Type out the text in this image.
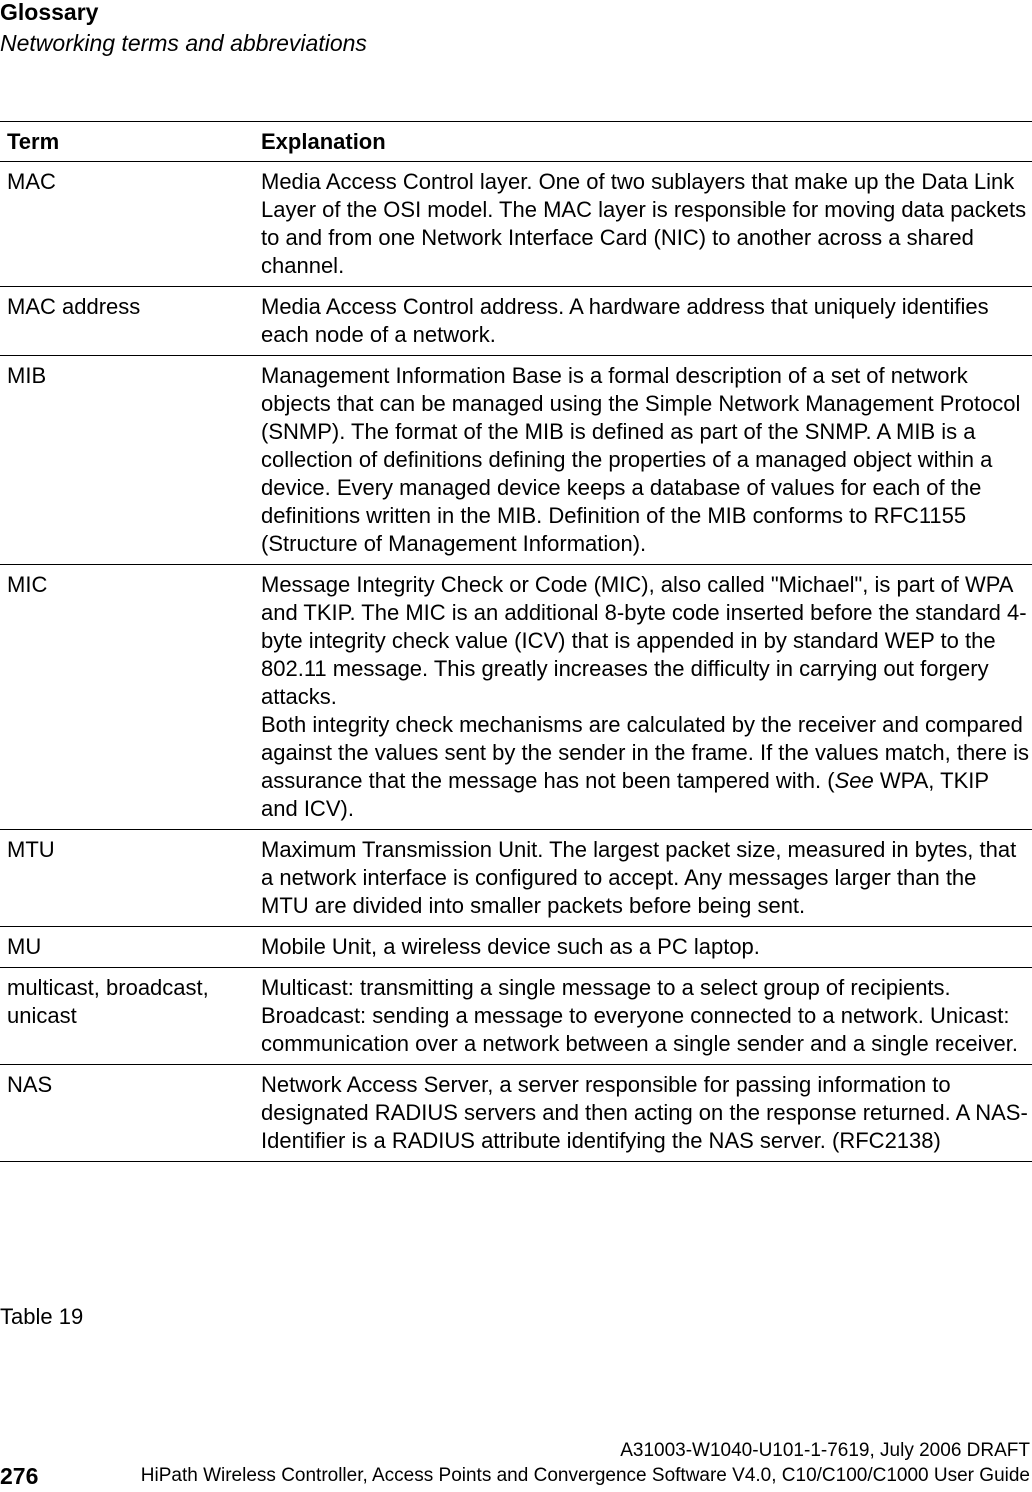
Glossary
Networking terms and abbreviations
Term	Explanation
MAC	Media Access Control layer. One of two sublayers that make up the Data Link Layer of the OSI model. The MAC layer is responsible for moving data packets to and from one Network Interface Card (NIC) to another across a shared channel.
MAC address	Media Access Control address. A hardware address that uniquely identifies each node of a network.
MIB	Management Information Base is a formal description of a set of network objects that can be managed using the Simple Network Management Protocol (SNMP). The format of the MIB is defined as part of the SNMP. A MIB is a collection of definitions defining the properties of a managed object within a device. Every managed device keeps a database of values for each of the definitions written in the MIB. Definition of the MIB conforms to RFC1155 (Structure of Management Information).
MIC	Message Integrity Check or Code (MIC), also called "Michael", is part of WPA and TKIP. The MIC is an additional 8-byte code inserted before the standard 4-byte integrity check value (ICV) that is appended in by standard WEP to the 802.11 message. This greatly increases the difficulty in carrying out forgery attacks.
Both integrity check mechanisms are calculated by the receiver and compared against the values sent by the sender in the frame. If the values match, there is assurance that the message has not been tampered with. (See WPA, TKIP and ICV).

MTU	Maximum Transmission Unit. The largest packet size, measured in bytes, that a network interface is configured to accept. Any messages larger than the MTU are divided into smaller packets before being sent.
MU	Mobile Unit, a wireless device such as a PC laptop.
multicast, broadcast, unicast	Multicast: transmitting a single message to a select group of recipients. Broadcast: sending a message to everyone connected to a network. Unicast: communication over a network between a single sender and a single receiver.
NAS	Network Access Server, a server responsible for passing information to designated RADIUS servers and then acting on the response returned. A NAS-Identifier is a RADIUS attribute identifying the NAS server. (RFC2138)
Table 19
A31003-W1040-U101-1-7619, July 2006 DRAFT
276	HiPath Wireless Controller, Access Points and Convergence Software V4.0, C10/C100/C1000 User Guide
